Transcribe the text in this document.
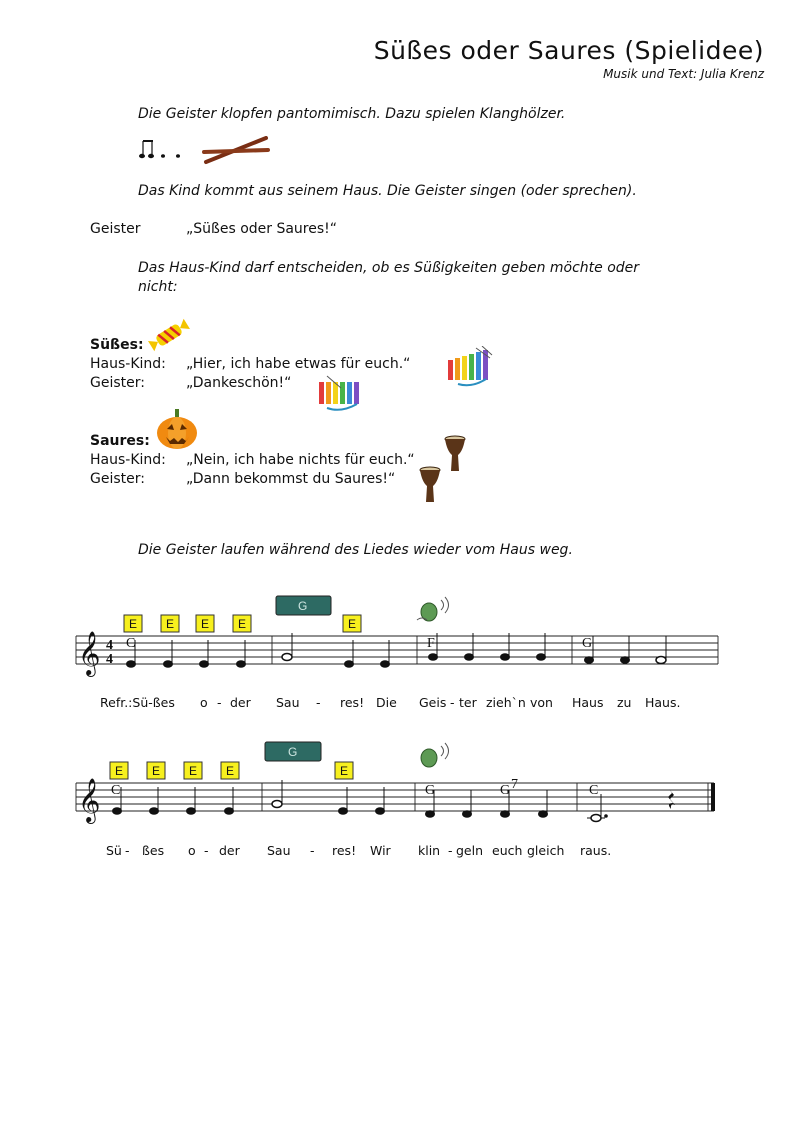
Süßes oder Saures (Spielidee)
Musik und Text: Julia Krenz
Die Geister klopfen pantomimisch. Dazu spielen Klanghölzer.
Das Kind kommt aus seinem Haus. Die Geister singen (oder sprechen).
Geister	„Süßes oder Saures!“
Das Haus-Kind darf entscheiden, ob es Süßigkeiten geben möchte oder
nicht:
Süßes:
Haus-Kind: „Hier, ich habe etwas für euch.“
Geister:	„Dankeschön!“
Saures:
Haus-Kind: „Nein, ich habe nichts für euch.“
Geister:	„Dann bekommst du Saures!“
Die Geister laufen während des Liedes wieder vom Haus weg.
𝄞 4
4
E E E E
G
E
C	F	G
Refr.:Sü-ßes o - der Sau - res! Die Geis - ter zieh`n von Haus zu Haus.
𝄞
E E E E
G
E
C	G	G 7	C
Sü - ßes o - der Sau - res! Wir klin - geln euch gleich raus.
